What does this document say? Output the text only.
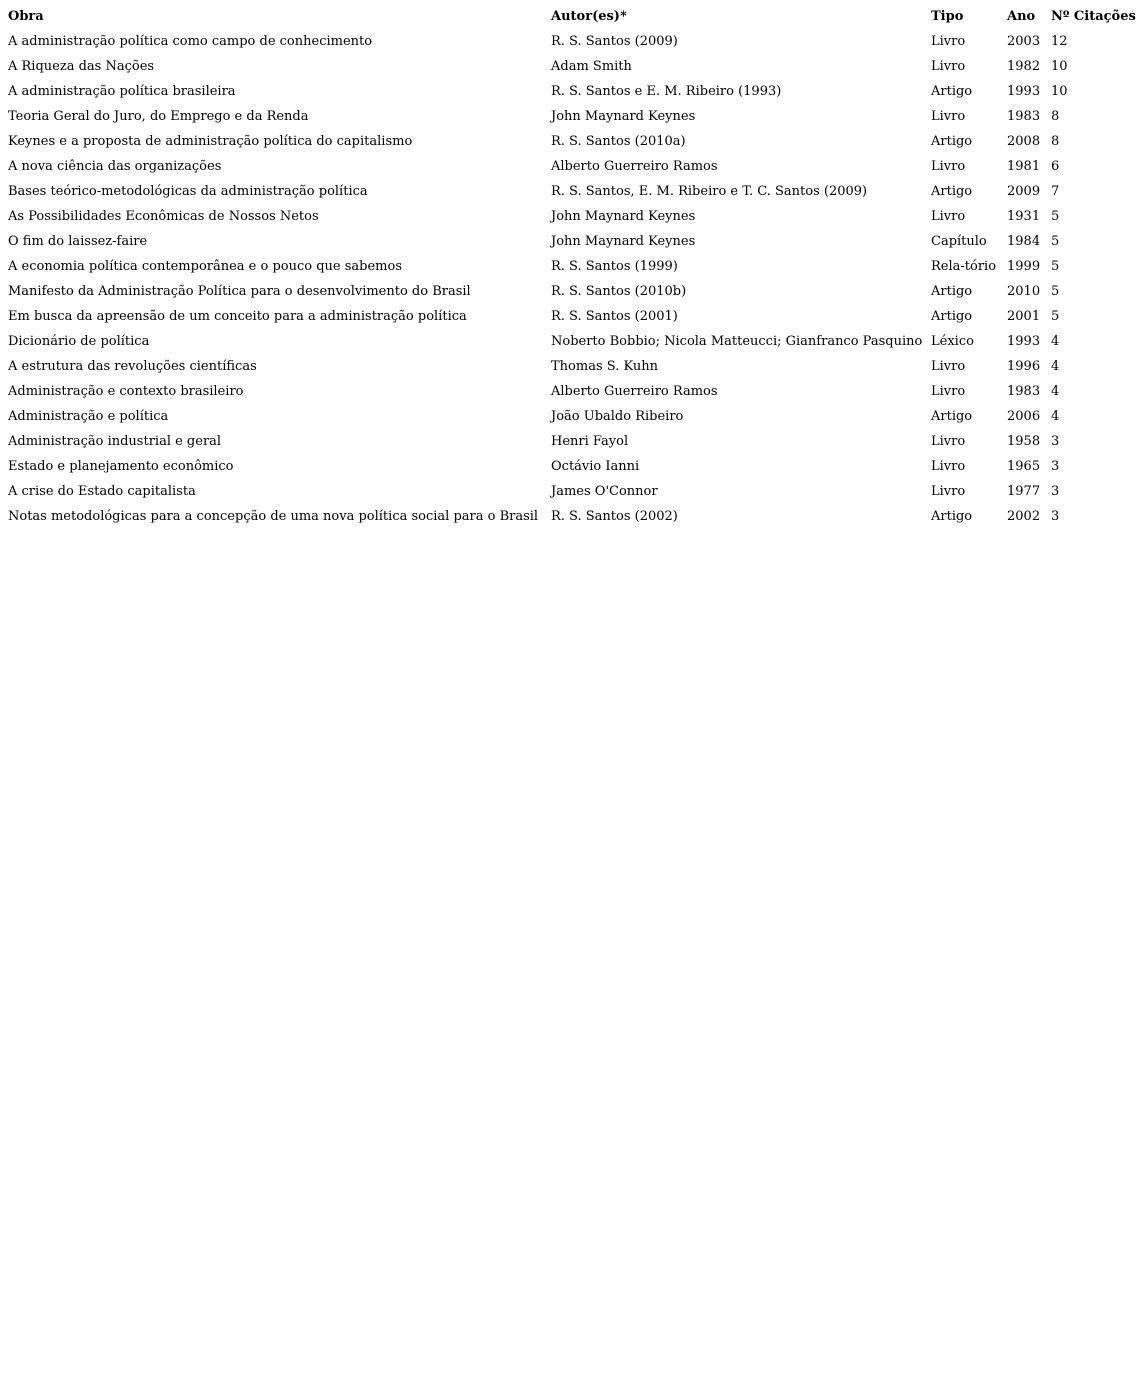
Obra	Autor(es)*	Tipo	Ano	Nº Citações
A administração política como campo de conhecimento	R. S. Santos (2009)	Livro	2003	12
A Riqueza das Nações	Adam Smith	Livro	1982	10
A administração política brasileira	R. S. Santos e E. M. Ribeiro (1993)	Artigo	1993	10
Teoria Geral do Juro, do Emprego e da Renda	John Maynard Keynes	Livro	1983	8
Keynes e a proposta de administração política do capitalismo	R. S. Santos (2010a)	Artigo	2008	8
A nova ciência das organizações	Alberto Guerreiro Ramos	Livro	1981	6
Bases teórico-metodológicas da administração política	R. S. Santos, E. M. Ribeiro e T. C. Santos (2009)	Artigo	2009	7
As Possibilidades Econômicas de Nossos Netos	John Maynard Keynes	Livro	1931	5
O fim do laissez-faire	John Maynard Keynes	Capítulo	1984	5
A economia política contemporânea e o pouco que sabemos	R. S. Santos (1999)	Rela-tório	1999	5
Manifesto da Administração Política para o desenvolvimento do Brasil	R. S. Santos (2010b)	Artigo	2010	5
Em busca da apreensão de um conceito para a administração política	R. S. Santos (2001)	Artigo	2001	5
Dicionário de política	Noberto Bobbio; Nicola Matteucci; Gianfranco Pasquino	Léxico	1993	4
A estrutura das revoluções científicas	Thomas S. Kuhn	Livro	1996	4
Administração e contexto brasileiro	Alberto Guerreiro Ramos	Livro	1983	4
Administração e política	João Ubaldo Ribeiro	Artigo	2006	4
Administração industrial e geral	Henri Fayol	Livro	1958	3
Estado e planejamento econômico	Octávio Ianni	Livro	1965	3
A crise do Estado capitalista	James O'Connor	Livro	1977	3
Notas metodológicas para a concepção de uma nova política social para o Brasil	R. S. Santos (2002)	Artigo	2002	3
